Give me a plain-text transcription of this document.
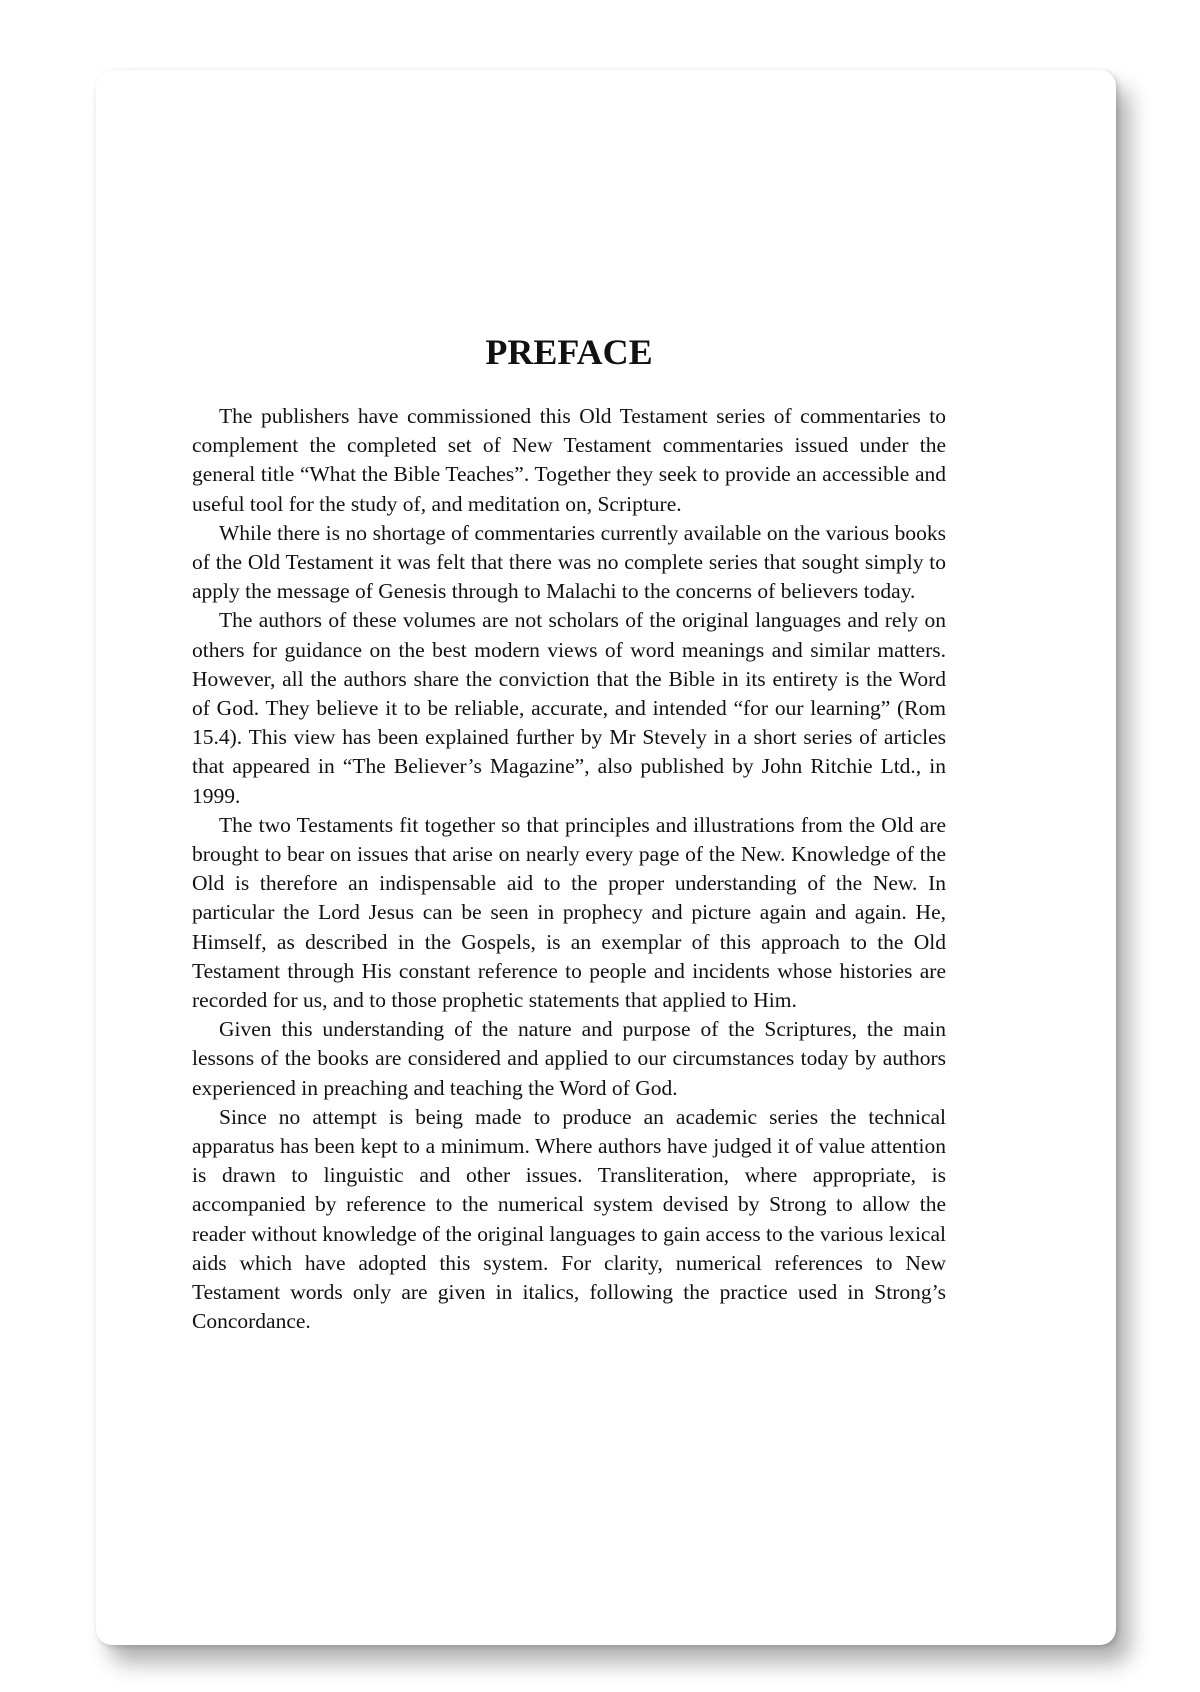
PREFACE

The publishers have commissioned this Old Testament series of commentaries to complement the completed set of New Testament commentaries issued under the general title “What the Bible Teaches”. Together they seek to provide an accessible and useful tool for the study of, and meditation on, Scripture.

While there is no shortage of commentaries currently available on the various books of the Old Testament it was felt that there was no complete series that sought simply to apply the message of Genesis through to Malachi to the concerns of believers today.

The authors of these volumes are not scholars of the original languages and rely on others for guidance on the best modern views of word meanings and similar matters. However, all the authors share the conviction that the Bible in its entirety is the Word of God. They believe it to be reliable, accurate, and intended “for our learning” (Rom 15.4). This view has been explained further by Mr Stevely in a short series of articles that appeared in “The Believer’s Magazine”, also published by John Ritchie Ltd., in 1999.

The two Testaments fit together so that principles and illustrations from the Old are brought to bear on issues that arise on nearly every page of the New. Knowledge of the Old is therefore an indispensable aid to the proper understanding of the New. In particular the Lord Jesus can be seen in prophecy and picture again and again. He, Himself, as described in the Gospels, is an exemplar of this approach to the Old Testament through His constant reference to people and incidents whose histories are recorded for us, and to those prophetic statements that applied to Him.

Given this understanding of the nature and purpose of the Scriptures, the main lessons of the books are considered and applied to our circumstances today by authors experienced in preaching and teaching the Word of God.

Since no attempt is being made to produce an academic series the technical apparatus has been kept to a minimum. Where authors have judged it of value attention is drawn to linguistic and other issues. Transliteration, where appropriate, is accompanied by reference to the numerical system devised by Strong to allow the reader without knowledge of the original languages to gain access to the various lexical aids which have adopted this system. For clarity, numerical references to New Testament words only are given in italics, following the practice used in Strong’s Concordance.
